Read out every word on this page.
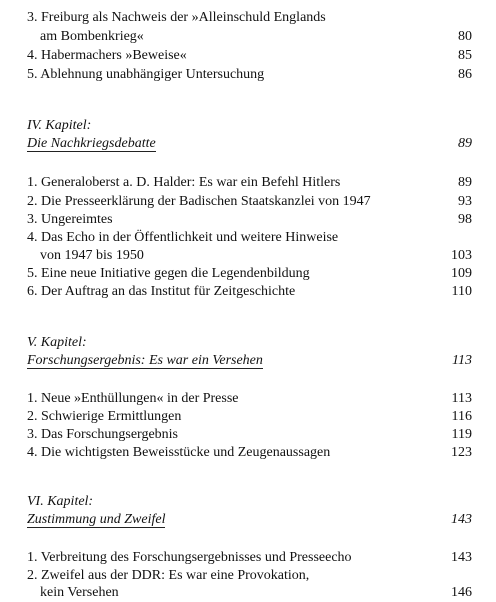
3. Freiburg als Nachweis der »Alleinschuld Englands
am Bombenkrieg«	80
4. Habermachers »Beweise«	85
5. Ablehnung unabhängiger Untersuchung	86
IV. Kapitel:
Die Nachkriegsdebatte	89
1. Generaloberst a. D. Halder: Es war ein Befehl Hitlers	89
2. Die Presseerklärung der Badischen Staatskanzlei von 1947	93
3. Ungereimtes	98
4. Das Echo in der Öffentlichkeit und weitere Hinweise
von 1947 bis 1950	103
5. Eine neue Initiative gegen die Legendenbildung	109
6. Der Auftrag an das Institut für Zeitgeschichte	110
V. Kapitel:
Forschungsergebnis: Es war ein Versehen	113
1. Neue »Enthüllungen« in der Presse	113
2. Schwierige Ermittlungen	116
3. Das Forschungsergebnis	119
4. Die wichtigsten Beweisstücke und Zeugenaussagen	123
VI. Kapitel:
Zustimmung und Zweifel	143
1. Verbreitung des Forschungsergebnisses und Presseecho	143
2. Zweifel aus der DDR: Es war eine Provokation,
kein Versehen	146
